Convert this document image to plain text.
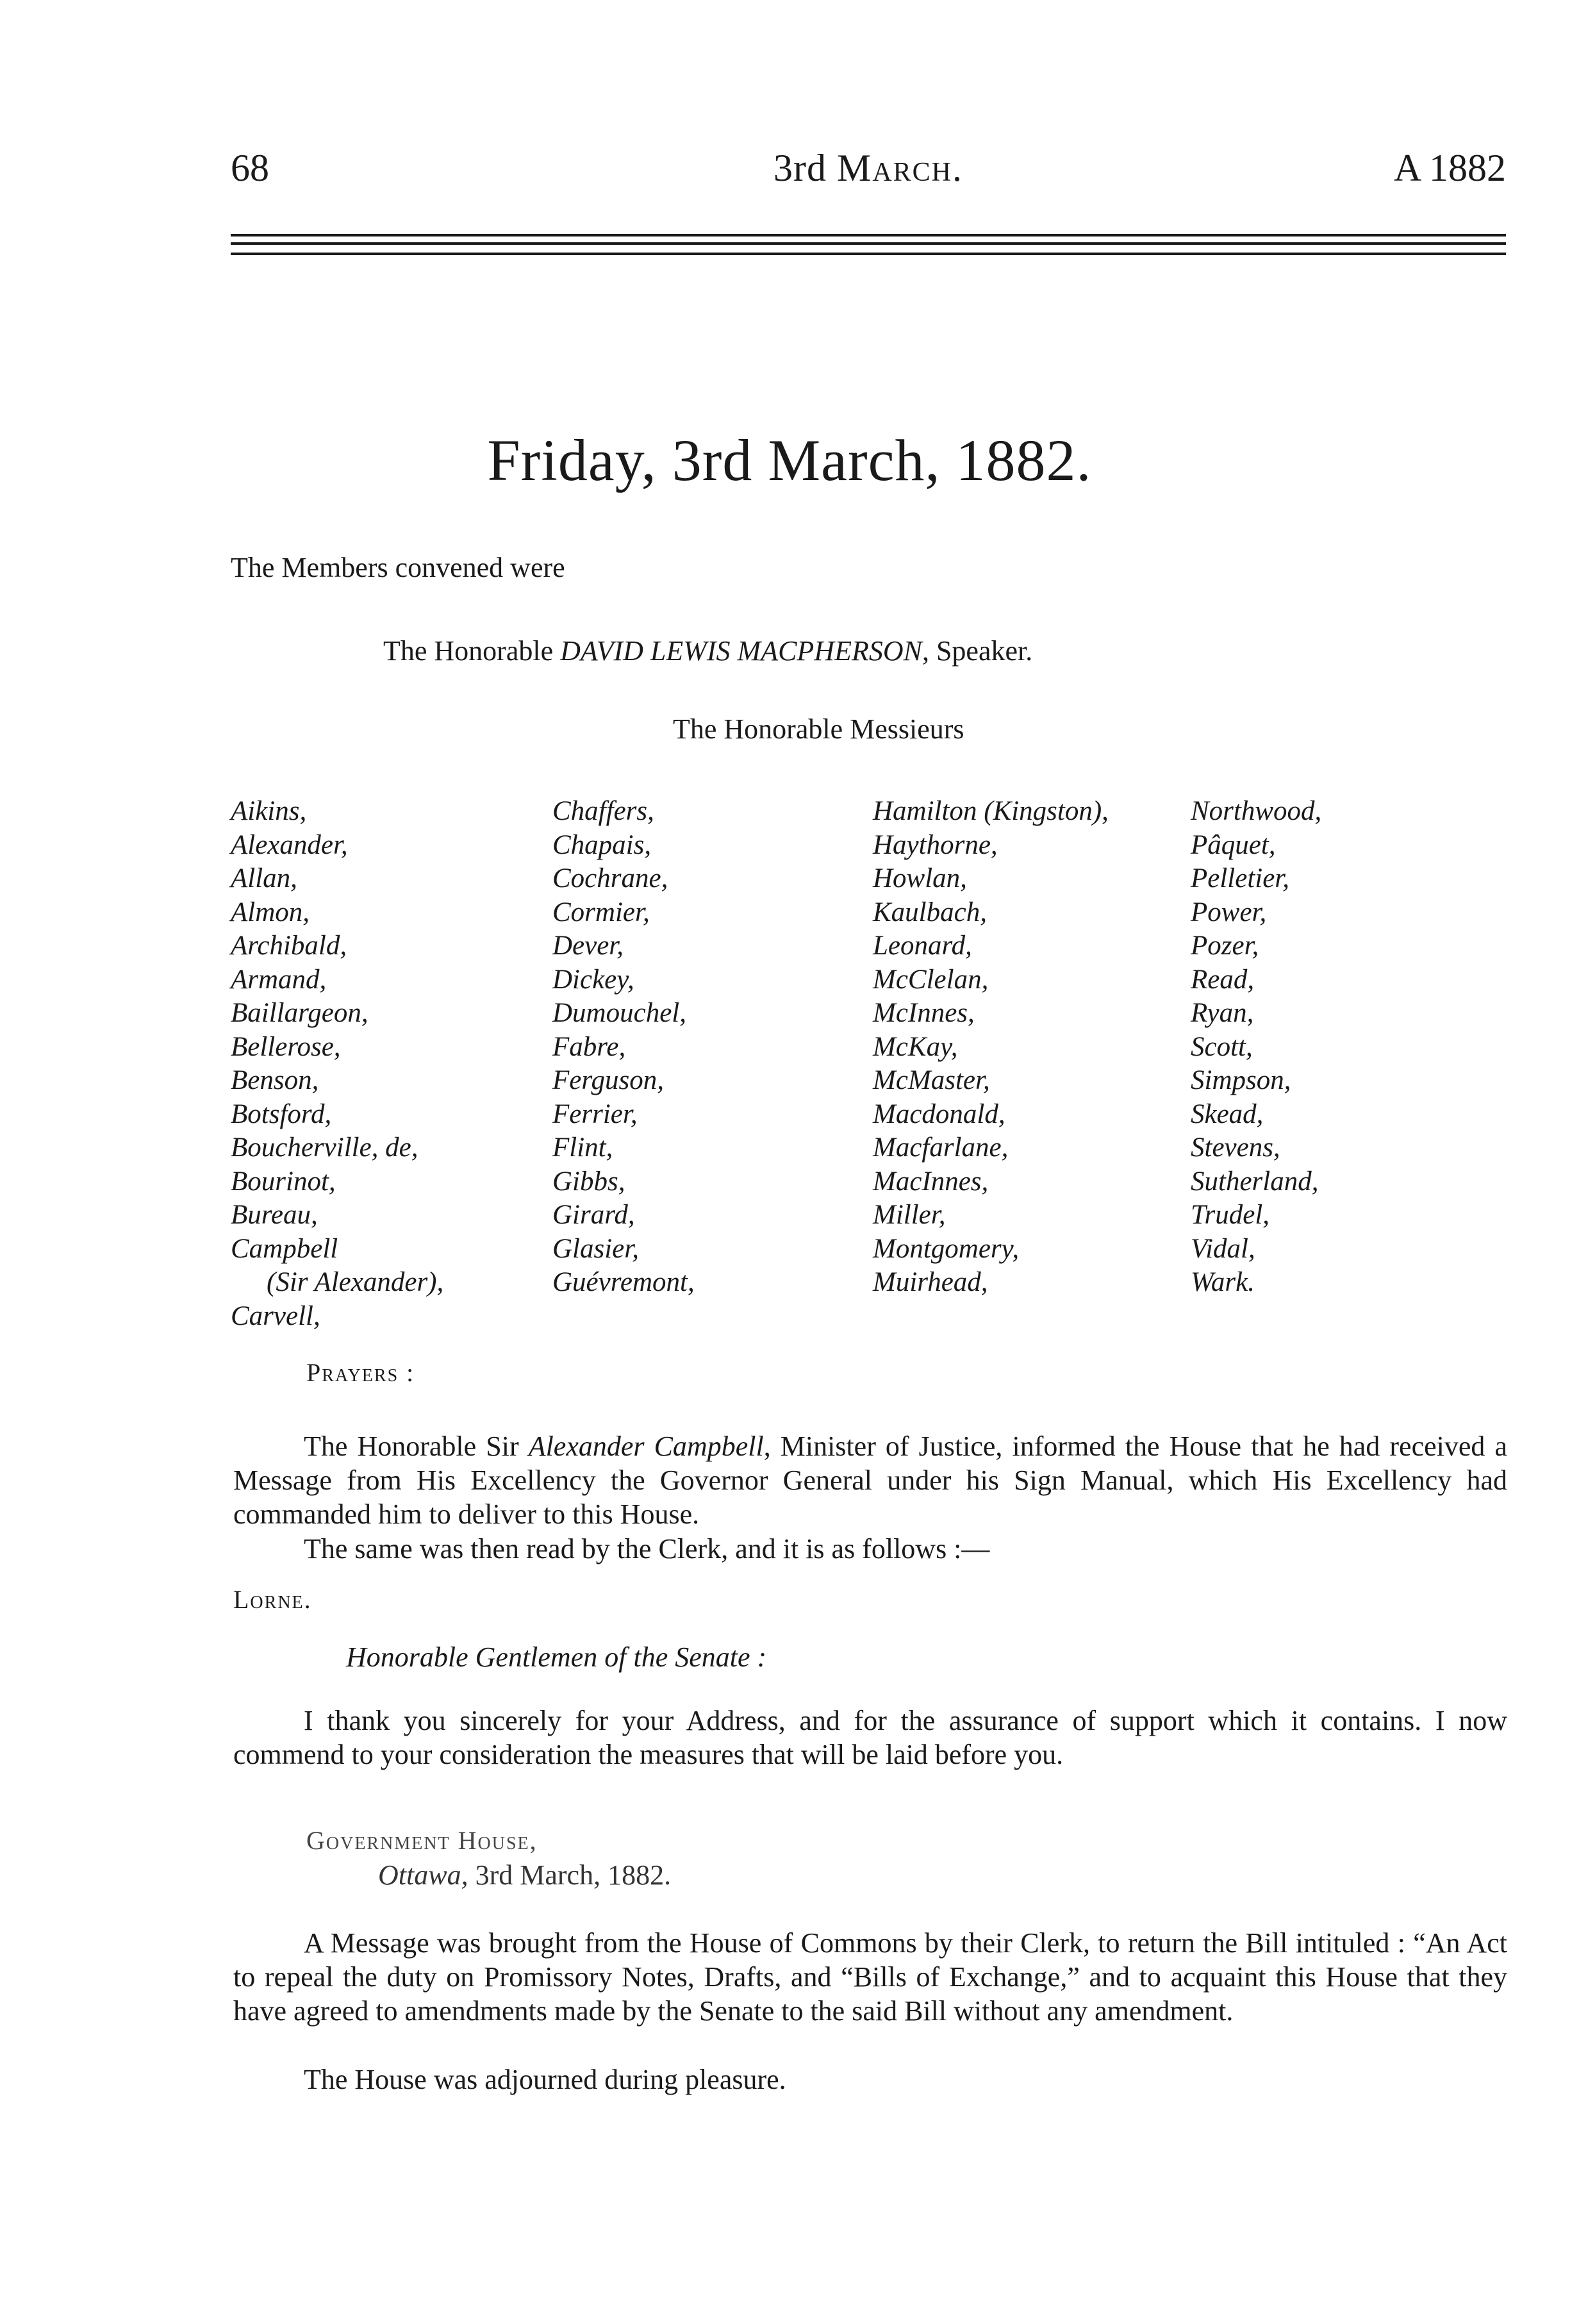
68	3rd March.	A 1882
Friday, 3rd March, 1882.
The Members convened were
The Honorable DAVID LEWIS MACPHERSON, Speaker.
The Honorable Messieurs
Aikins,
Alexander,
Allan,
Almon,
Archibald,
Armand,
Baillargeon,
Bellerose,
Benson,
Botsford,
Boucherville, de,
Bourinot,
Bureau,
Campbell
(Sir Alexander),
Carvell,
Chaffers,
Chapais,
Cochrane,
Cormier,
Dever,
Dickey,
Dumouchel,
Fabre,
Ferguson,
Ferrier,
Flint,
Gibbs,
Girard,
Glasier,
Guévremont,
Hamilton (Kingston),
Haythorne,
Howlan,
Kaulbach,
Leonard,
McClelan,
McInnes,
McKay,
McMaster,
Macdonald,
Macfarlane,
MacInnes,
Miller,
Montgomery,
Muirhead,
Northwood,
Pâquet,
Pelletier,
Power,
Pozer,
Read,
Ryan,
Scott,
Simpson,
Skead,
Stevens,
Sutherland,
Trudel,
Vidal,
Wark.
Prayers :
The Honorable Sir Alexander Campbell, Minister of Justice, informed the House that he had received a Message from His Excellency the Governor General under his Sign Manual, which His Excellency had commanded him to deliver to this House.
The same was then read by the Clerk, and it is as follows :—
Lorne.
Honorable Gentlemen of the Senate :
I thank you sincerely for your Address, and for the assurance of support which it contains. I now commend to your consideration the measures that will be laid before you.
Government House,
Ottawa, 3rd March, 1882.
A Message was brought from the House of Commons by their Clerk, to return the Bill intituled : “An Act to repeal the duty on Promissory Notes, Drafts, and “Bills of Exchange,” and to acquaint this House that they have agreed to amendments made by the Senate to the said Bill without any amendment.
The House was adjourned during pleasure.
